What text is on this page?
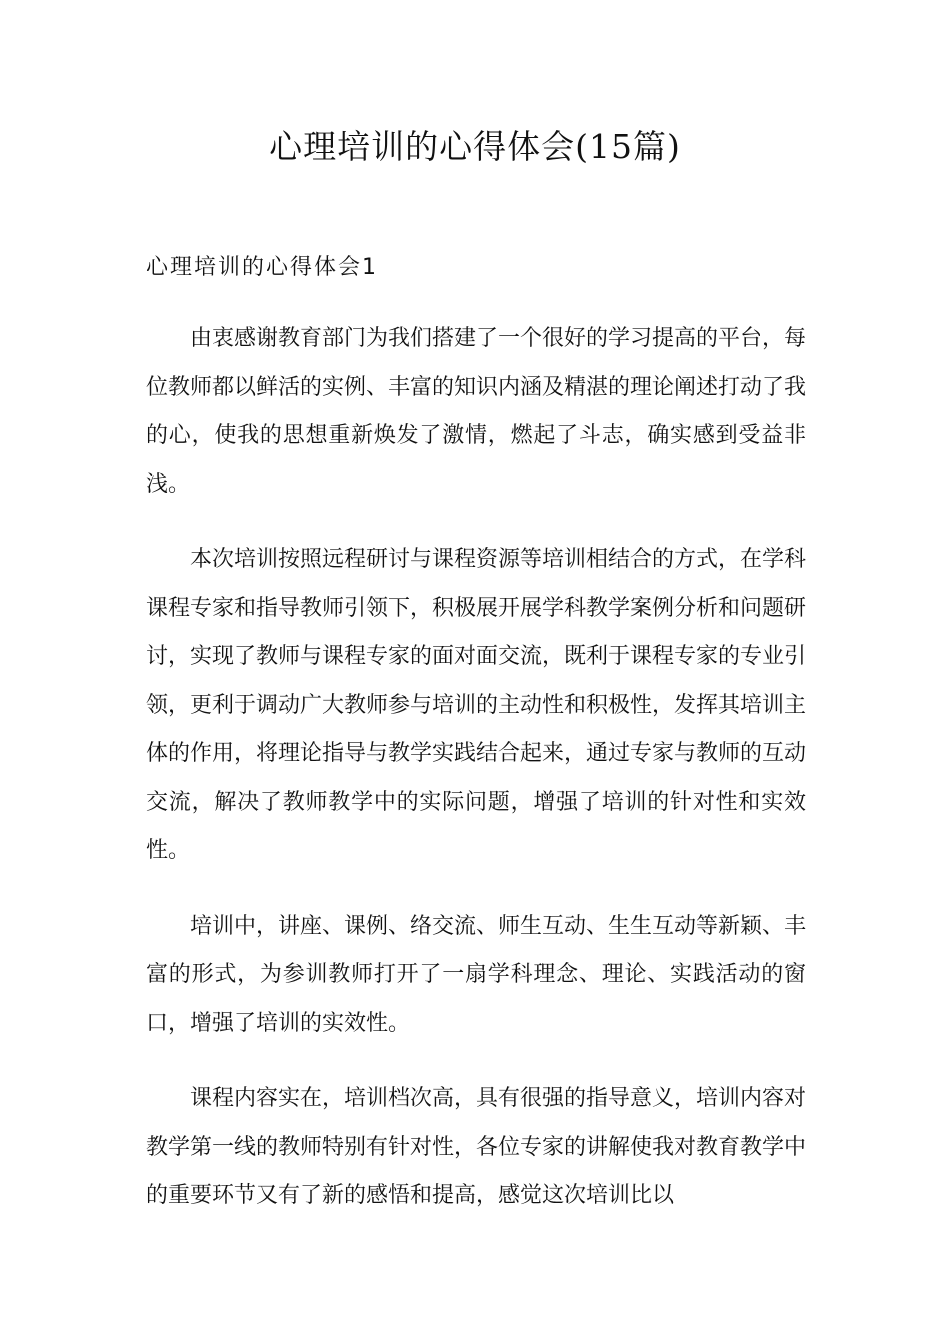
心理培训的心得体会(15篇)
心理培训的心得体会1

由衷感谢教育部门为我们搭建了一个很好的学习提高的平台，每位教师都以鲜活的实例、丰富的知识内涵及精湛的理论阐述打动了我的心，使我的思想重新焕发了激情，燃起了斗志，确实感到受益非浅。

本次培训按照远程研讨与课程资源等培训相结合的方式，在学科课程专家和指导教师引领下，积极展开展学科教学案例分析和问题研讨，实现了教师与课程专家的面对面交流，既利于课程专家的专业引领，更利于调动广大教师参与培训的主动性和积极性，发挥其培训主体的作用，将理论指导与教学实践结合起来，通过专家与教师的互动交流，解决了教师教学中的实际问题，增强了培训的针对性和实效性。

培训中，讲座、课例、络交流、师生互动、生生互动等新颖、丰富的形式，为参训教师打开了一扇学科理念、理论、实践活动的窗口，增强了培训的实效性。

课程内容实在，培训档次高，具有很强的指导意义，培训内容对教学第一线的教师特别有针对性，各位专家的讲解使我对教育教学中的重要环节又有了新的感悟和提高，感觉这次培训比以
